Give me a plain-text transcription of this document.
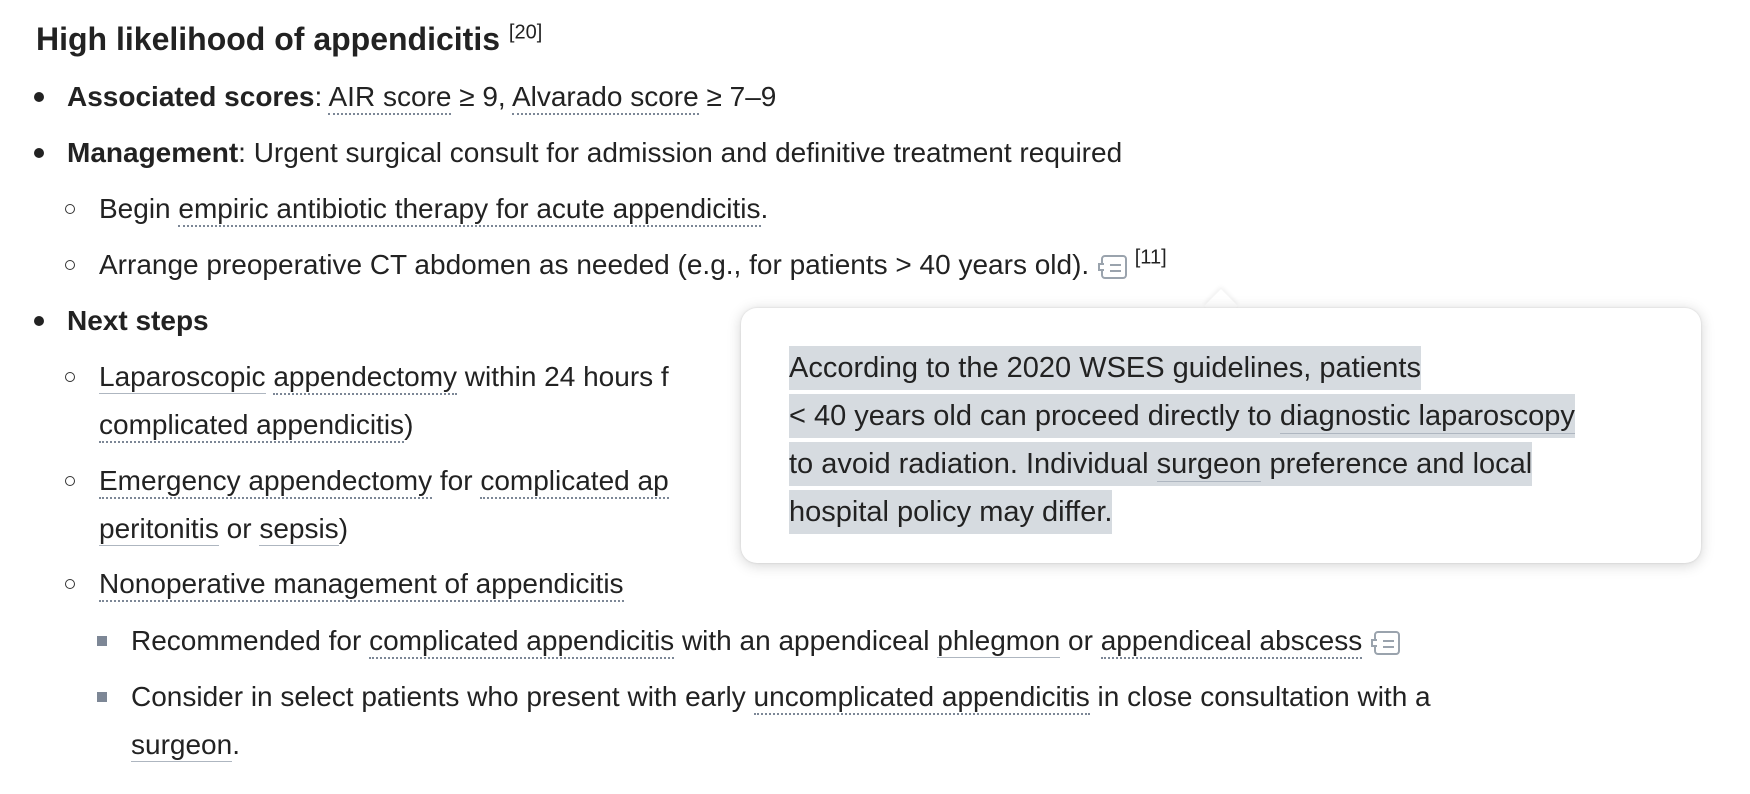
High likelihood of appendicitis [20]
Associated scores: AIR score ≥ 9, Alvarado score ≥ 7–9
Management: Urgent surgical consult for admission and definitive treatment required
Begin empiric antibiotic therapy for acute appendicitis.
Arrange preoperative CT abdomen as needed (e.g., for patients > 40 years old). [11]
Next steps
Laparoscopic appendectomy within 24 hours f
complicated appendicitis)
Emergency appendectomy for complicated ap
peritonitis or sepsis)
Nonoperative management of appendicitis
Recommended for complicated appendicitis with an appendiceal phlegmon or appendiceal abscess
Consider in select patients who present with early uncomplicated appendicitis in close consultation with a
surgeon.
According to the 2020 WSES guidelines, patients
< 40 years old can proceed directly to diagnostic laparoscopy
to avoid radiation. Individual surgeon preference and local
hospital policy may differ.
